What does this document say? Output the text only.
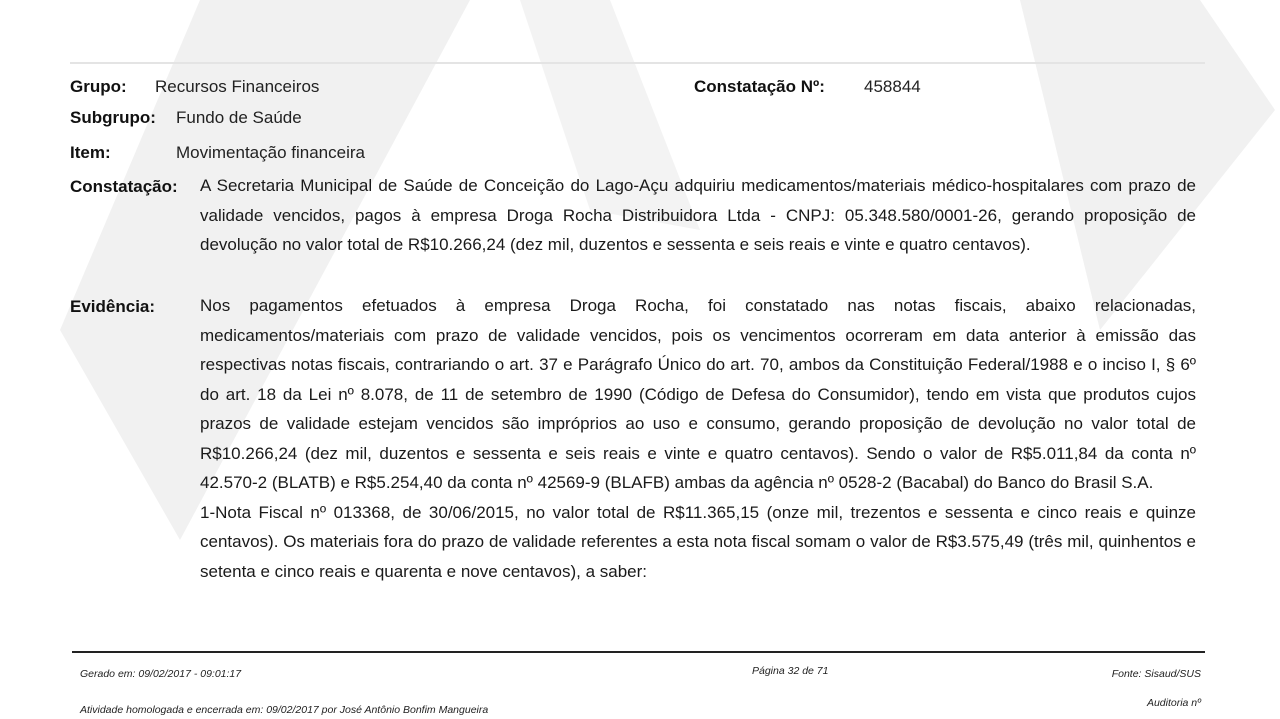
Grupo: Recursos Financeiros	Constatação Nº: 458844
Subgrupo: Fundo de Saúde
Item:	Movimentação financeira
Constatação: A Secretaria Municipal de Saúde de Conceição do Lago-Açu adquiriu medicamentos/materiais médico-hospitalares com prazo de validade vencidos, pagos à empresa Droga Rocha Distribuidora Ltda - CNPJ: 05.348.580/0001-26, gerando proposição de devolução no valor total de R$10.266,24 (dez mil, duzentos e sessenta e seis reais e vinte e quatro centavos).

Evidência:	Nos pagamentos efetuados à empresa Droga Rocha, foi constatado nas notas fiscais, abaixo relacionadas, medicamentos/materiais com prazo de validade vencidos, pois os vencimentos ocorreram em data anterior à emissão das respectivas notas fiscais, contrariando o art. 37 e Parágrafo Único do art. 70, ambos da Constituição Federal/1988 e o inciso I, § 6º do art. 18 da Lei nº 8.078, de 11 de setembro de 1990 (Código de Defesa do Consumidor), tendo em vista que produtos cujos prazos de validade estejam vencidos são impróprios ao uso e consumo, gerando proposição de devolução no valor total de R$10.266,24 (dez mil, duzentos e sessenta e seis reais e vinte e quatro centavos). Sendo o valor de R$5.011,84 da conta nº 42.570-2 (BLATB) e R$5.254,40 da conta nº 42569-9 (BLAFB) ambas da agência nº 0528-2 (Bacabal) do Banco do Brasil S.A.

1-Nota Fiscal nº 013368, de 30/06/2015, no valor total de R$11.365,15 (onze mil, trezentos e sessenta e cinco reais e quinze centavos). Os materiais fora do prazo de validade referentes a esta nota fiscal somam o valor de R$3.575,49 (três mil, quinhentos e setenta e cinco reais e quarenta e nove centavos), a saber:

Gerado em: 09/02/2017 - 09:01:17	Página 32 de 71	Fonte: Sisaud/SUS
Atividade homologada e encerrada em: 09/02/2017 por José Antônio Bonfim Mangueira
Auditoria nº
